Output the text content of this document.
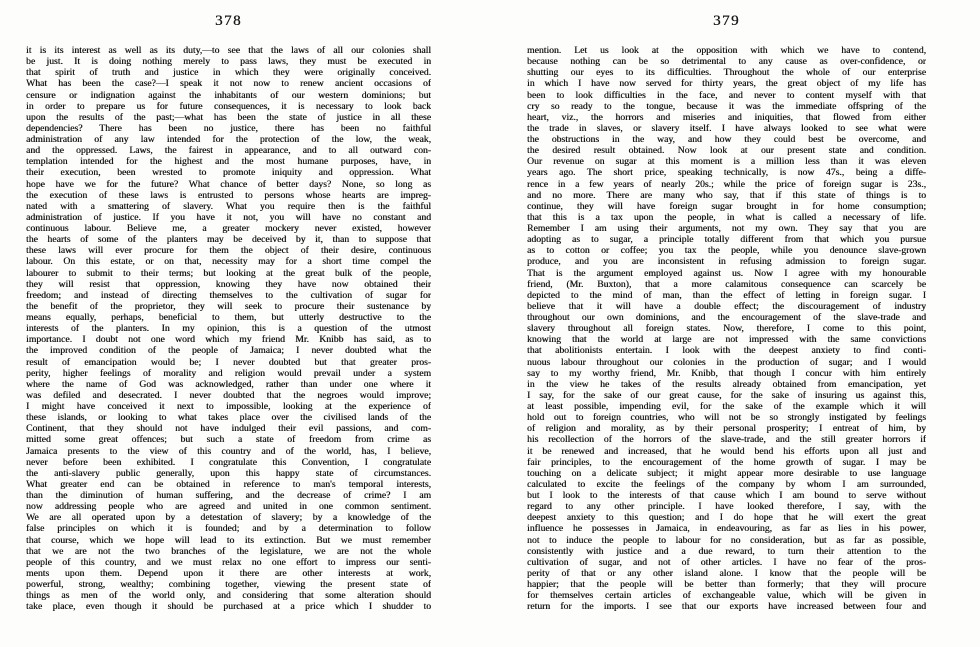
378
it is its interest as well as its duty,—to see that the laws of all our colonies shall
be just. It is doing nothing merely to pass laws, they must be executed in
that spirit of truth and justice in which they were originally conceived.
What has been the case?—I speak it not now to renew ancient occasions of
censure or indignation against the inhabitants of our western dominions; but
in order to prepare us for future consequences, it is necessary to look back
upon the results of the past;—what has been the state of justice in all these
dependencies? There has been no justice, there has been no faithful
administration of any law intended for the protection of the low, the weak,
and the oppressed. Laws, the fairest in appearance, and to all outward con-
templation intended for the highest and the most humane purposes, have, in
their execution, been wrested to promote iniquity and oppression. What
hope have we for the future? What chance of better days? None, so long as
the execution of these laws is entrusted to persons whose hearts are impreg-
nated with a smattering of slavery. What you require then is the faithful
administration of justice. If you have it not, you will have no constant and
continuous labour. Believe me, a greater mockery never existed, however
the hearts of some of the planters may be deceived by it, than to suppose that
these laws will ever procure for them the object of their desire, continuous
labour. On this estate, or on that, necessity may for a short time compel the
labourer to submit to their terms; but looking at the great bulk of the people,
they will resist that oppression, knowing they have now obtained their
freedom; and instead of directing themselves to the cultivation of sugar for
the benefit of the proprietor, they will seek to procure their sustenance by
means equally, perhaps, beneficial to them, but utterly destructive to the
interests of the planters. In my opinion, this is a question of the utmost
importance. I doubt not one word which my friend Mr. Knibb has said, as to
the improved condition of the people of Jamaica; I never doubted what the
result of emancipation would be; I never doubted but that greater pros-
perity, higher feelings of morality and religion would prevail under a system
where the name of God was acknowledged, rather than under one where it
was defiled and desecrated. I never doubted that the negroes would improve;
I might have conceived it next to impossible, looking at the experience of
these islands, or looking to what takes place over the civilised lands of the
Continent, that they should not have indulged their evil passions, and com-
mitted some great offences; but such a state of freedom from crime as
Jamaica presents to the view of this country and of the world, has, I believe,
never before been exhibited. I congratulate this Convention, I congratulate
the anti-slavery public generally, upon this happy state of circumstances.
What greater end can be obtained in reference to man's temporal interests,
than the diminution of human suffering, and the decrease of crime? I am
now addressing people who are agreed and united in one common sentiment.
We are all operated upon by a detestation of slavery; by a knowledge of the
false principles on which it is founded; and by a determination to follow
that course, which we hope will lead to its extinction. But we must remember
that we are not the two branches of the legislature, we are not the whole
people of this country, and we must relax no one effort to impress our senti-
ments upon them. Depend upon it there are other interests at work,
powerful, strong, wealthy; combining together, viewing the present state of
things as men of the world only, and considering that some alteration should
take place, even though it should be purchased at a price which I shudder to
379
mention. Let us look at the opposition with which we have to contend,
because nothing can be so detrimental to any cause as over-confidence, or
shutting our eyes to its difficulties. Throughout the whole of our enterprise
in which I have now served for thirty years, the great object of my life has
been to look difficulties in the face, and never to content myself with that
cry so ready to the tongue, because it was the immediate offspring of the
heart, viz., the horrors and miseries and iniquities, that flowed from either
the trade in slaves, or slavery itself. I have always looked to see what were
the obstructions in the way, and how they could best be overcome, and
the desired result obtained. Now look at our present state and condition.
Our revenue on sugar at this moment is a million less than it was eleven
years ago. The short price, speaking technically, is now 47s., being a diffe-
rence in a few years of nearly 20s.; while the price of foreign sugar is 23s.,
and no more. There are many who say, that if this state of things is to
continue, they will have foreign sugar brought in for home consumption;
that this is a tax upon the people, in what is called a necessary of life.
Remember I am using their arguments, not my own. They say that you are
adopting as to sugar, a principle totally different from that which you pursue
as to cotton or coffee; you tax the people, while you denounce slave-grown
produce, and you are inconsistent in refusing admission to foreign sugar.
That is the argument employed against us. Now I agree with my honourable
friend, (Mr. Buxton), that a more calamitous consequence can scarcely be
depicted to the mind of man, than the effect of letting in foreign sugar. I
believe that it will have a double effect; the discouragement of industry
throughout our own dominions, and the encouragement of the slave-trade and
slavery throughout all foreign states. Now, therefore, I come to this point,
knowing that the world at large are not impressed with the same convictions
that abolitionists entertain. I look with the deepest anxiety to find conti-
nuous labour throughout our colonies in the production of sugar; and I would
say to my worthy friend, Mr. Knibb, that though I concur with him entirely
in the view he takes of the results already obtained from emancipation, yet
I say, for the sake of our great cause, for the sake of insuring us against this,
at least possible, impending evil, for the sake of the example which it will
hold out to foreign countries, who will not be so strongly instigated by feelings
of religion and morality, as by their personal prosperity; I entreat of him, by
his recollection of the horrors of the slave-trade, and the still greater horrors if
it be renewed and increased, that he would bend his efforts upon all just and
fair principles, to the encouragement of the home growth of sugar. I may be
touching on a delicate subject; it might appear more desirable to use language
calculated to excite the feelings of the company by whom I am surrounded,
but I look to the interests of that cause which I am bound to serve without
regard to any other principle. I have looked therefore, I say, with the
deepest anxiety to this question; and I do hope that he will exert the great
influence he possesses in Jamaica, in endeavouring, as far as lies in his power,
not to induce the people to labour for no consideration, but as far as possible,
consistently with justice and a due reward, to turn their attention to the
cultivation of sugar, and not of other articles. I have no fear of the pros-
perity of that or any other island alone. I know that the people will be
happier; that the people will be better than formerly; that they will procure
for themselves certain articles of exchangeable value, which will be given in
return for the imports. I see that our exports have increased between four and
